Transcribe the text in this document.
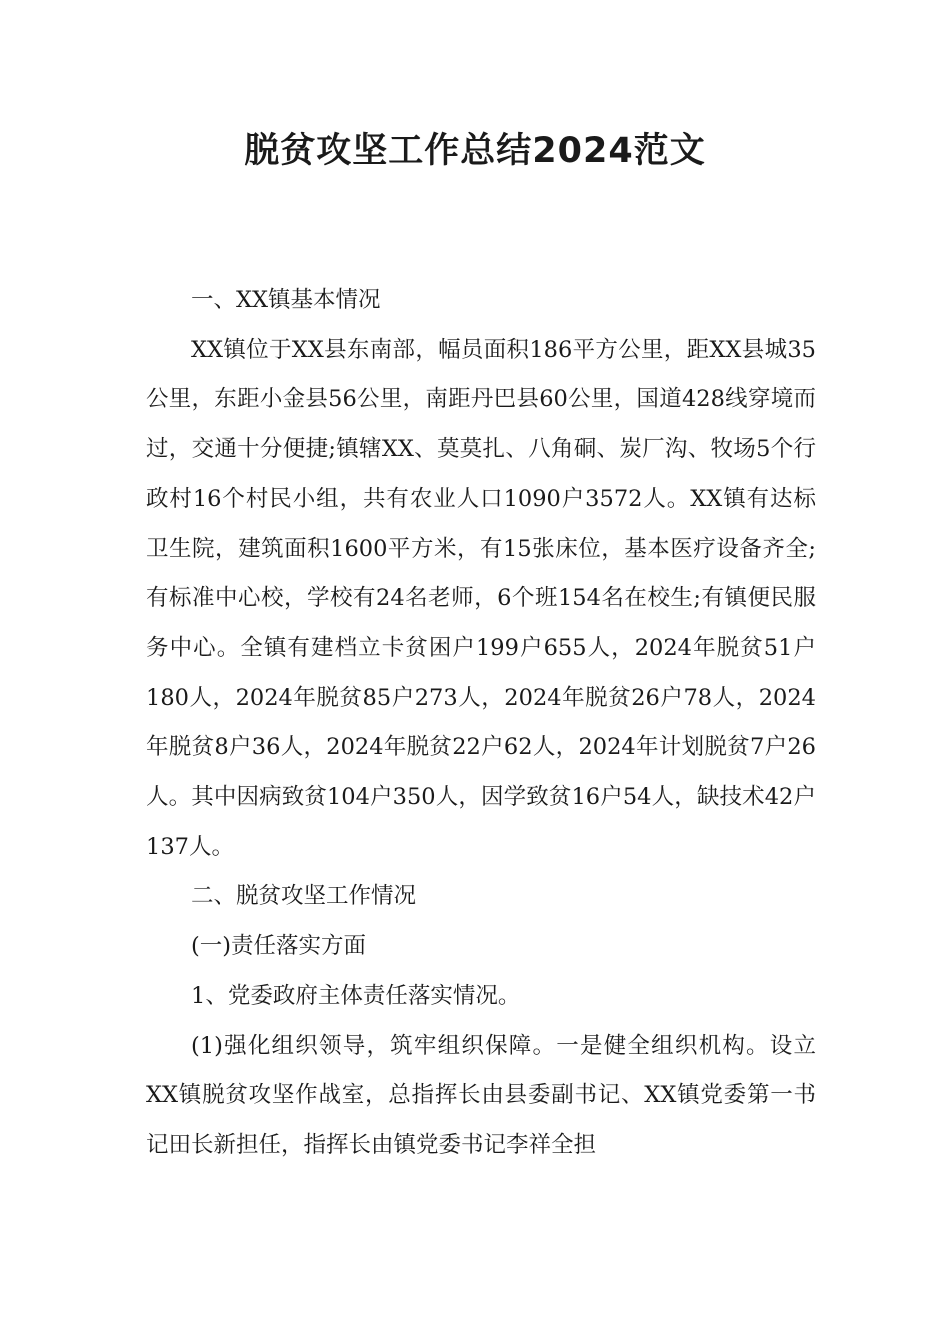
脱贫攻坚工作总结2024范文

一、XX镇基本情况

XX镇位于XX县东南部，幅员面积186平方公里，距XX县城35公里，东距小金县56公里，南距丹巴县60公里，国道428线穿境而过，交通十分便捷;镇辖XX、莫莫扎、八角硐、炭厂沟、牧场5个行政村16个村民小组，共有农业人口1090户3572人。XX镇有达标卫生院，建筑面积1600平方米，有15张床位，基本医疗设备齐全;有标准中心校，学校有24名老师，6个班154名在校生;有镇便民服务中心。全镇有建档立卡贫困户199户655人，2024年脱贫51户180人，2024年脱贫85户273人，2024年脱贫26户78人，2024年脱贫8户36人，2024年脱贫22户62人，2024年计划脱贫7户26人。其中因病致贫104户350人，因学致贫16户54人，缺技术42户137人。

二、脱贫攻坚工作情况

(一)责任落实方面

1、党委政府主体责任落实情况。

(1)强化组织领导，筑牢组织保障。一是健全组织机构。设立XX镇脱贫攻坚作战室，总指挥长由县委副书记、XX镇党委第一书记田长新担任，指挥长由镇党委书记李祥全担
